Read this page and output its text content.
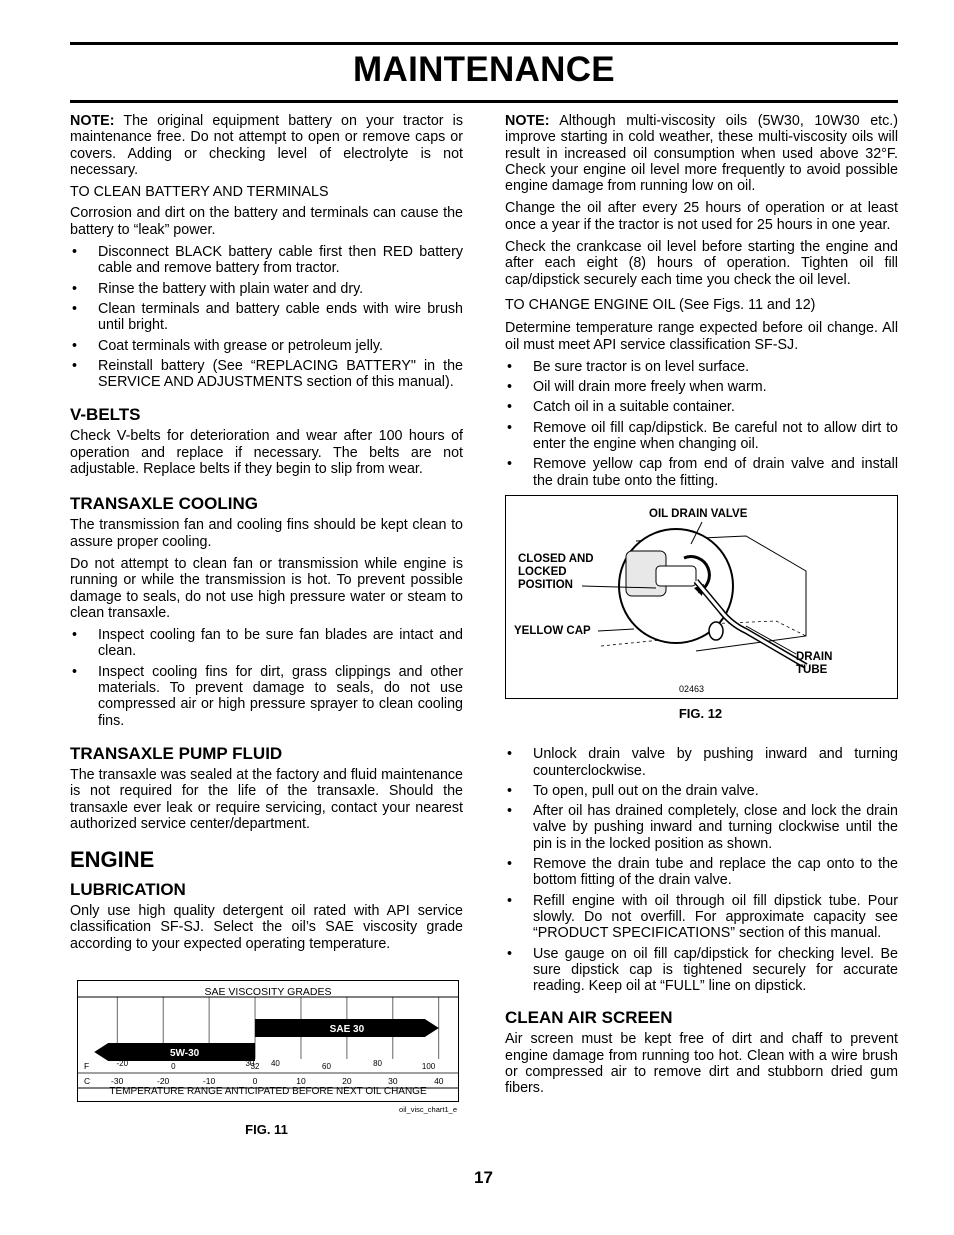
MAINTENANCE

NOTE: The original equipment battery on your tractor is maintenance free. Do not attempt to open or remove caps or covers. Adding or checking level of electrolyte is not necessary.

TO CLEAN BATTERY AND TERMINALS

Corrosion and dirt on the battery and terminals can cause the battery to “leak” power.

• Disconnect BLACK battery cable first then RED battery cable and remove battery from tractor.
• Rinse the battery with plain water and dry.
• Clean terminals and battery cable ends with wire brush until bright.
• Coat terminals with grease or petroleum jelly.
• Reinstall battery (See “REPLACING BATTERY" in the SERVICE AND ADJUSTMENTS section of this manual).
V-BELTS

Check V-belts for deterioration and wear after 100 hours of operation and replace if necessary. The belts are not adjustable. Replace belts if they begin to slip from wear.

TRANSAXLE COOLING

The transmission fan and cooling fins should be kept clean to assure proper cooling.

Do not attempt to clean fan or transmission while engine is running or while the transmission is hot. To prevent possible damage to seals, do not use high pressure water or steam to clean transaxle.

• Inspect cooling fan to be sure fan blades are intact and clean.
• Inspect cooling fins for dirt, grass clippings and other materials. To prevent damage to seals, do not use compressed air or high pressure sprayer to clean cooling fins.
TRANSAXLE PUMP FLUID

The transaxle was sealed at the factory and fluid maintenance is not required for the life of the transaxle. Should the transaxle ever leak or require servicing, contact your nearest authorized service center/department.

ENGINE
LUBRICATION

Only use high quality detergent oil rated with API service classification SF-SJ. Select the oil’s SAE viscosity grade according to your expected operating temperature.

SAE VISCOSITY GRADES
5W-30
SAE 30
F
C
-20	0	30
32 40	60	80	100
-30	-20	-10	0	10	20	30	40
TEMPERATURE RANGE ANTICIPATED BEFORE NEXT OIL CHANGE
oil_visc_chart1_e
FIG. 11

NOTE: Although multi-viscosity oils (5W30, 10W30 etc.) improve starting in cold weather, these multi-viscosity oils will result in increased oil consumption when used above 32°F. Check your engine oil level more frequently to avoid possible engine damage from running low on oil.

Change the oil after every 25 hours of operation or at least once a year if the tractor is not used for 25 hours in one year.

Check the crankcase oil level before starting the engine and after each eight (8) hours of operation. Tighten oil fill cap/dipstick securely each time you check the oil level.

TO CHANGE ENGINE OIL (See Figs. 11 and 12)

Determine temperature range expected before oil change. All oil must meet API service classification SF-SJ.

• Be sure tractor is on level surface.
• Oil will drain more freely when warm.
• Catch oil in a suitable container.
• Remove oil fill cap/dipstick. Be careful not to allow dirt to enter the engine when changing oil.
• Remove yellow cap from end of drain valve and install the drain tube onto the fitting.
OIL DRAIN VALVE
CLOSED AND
LOCKED
POSITION
YELLOW CAP
DRAIN
TUBE
02463
FIG. 12
• Unlock drain valve by pushing inward and turning counterclockwise.
• To open, pull out on the drain valve.
• After oil has drained completely, close and lock the drain valve by pushing inward and turning clockwise until the pin is in the locked position as shown.
• Remove the drain tube and replace the cap onto to the bottom fitting of the drain valve.
• Refill engine with oil through oil fill dipstick tube. Pour slowly. Do not overfill. For approximate capacity see “PRODUCT SPECIFICATIONS” section of this manual.
• Use gauge on oil fill cap/dipstick for checking level. Be sure dipstick cap is tightened securely for accurate reading. Keep oil at “FULL” line on dipstick.
CLEAN AIR SCREEN

Air screen must be kept free of dirt and chaff to prevent engine damage from running too hot. Clean with a wire brush or compressed air to remove dirt and stubborn dried gum fibers.

17
